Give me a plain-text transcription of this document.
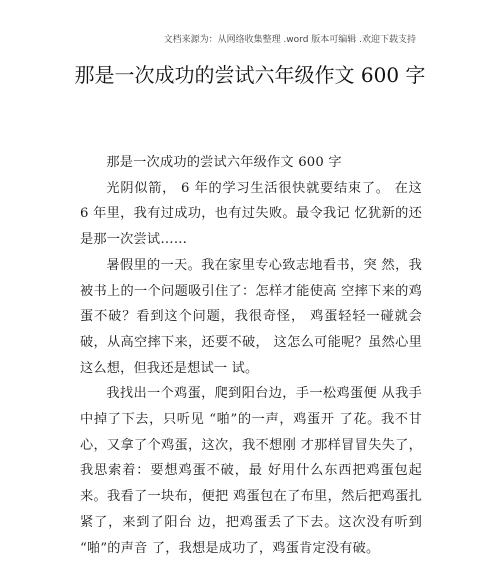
文档来源为：从网络收集整理 .word 版本可编辑 .欢迎下载支持
那是一次成功的尝试六年级作文 600 字

那是一次成功的尝试六年级作文 600 字

光阴似箭， 6 年的学习生活很快就要结束了。 在这 6 年里，我有过成功，也有过失败。最令我记 忆犹新的还是那一次尝试……

暑假里的一天。我在家里专心致志地看书，突 然，我被书上的一个问题吸引住了：怎样才能使高 空摔下来的鸡蛋不破？看到这个问题，我很奇怪， 鸡蛋轻轻一碰就会破，从高空摔下来，还要不破， 这怎么可能呢？虽然心里这么想，但我还是想试一 试。

我找出一个鸡蛋，爬到阳台边，手一松鸡蛋便 从我手中掉了下去，只听见 “啪”的一声，鸡蛋开 了花。我不甘心，又拿了个鸡蛋，这次，我不想刚 才那样冒冒失失了，我思索着：要想鸡蛋不破，最 好用什么东西把鸡蛋包起来。我看了一块布，便把 鸡蛋包在了布里，然后把鸡蛋扎紧了，来到了阳台 边，把鸡蛋丢了下去。这次没有听到 “啪”的声音 了，我想是成功了，鸡蛋肯定没有破。
